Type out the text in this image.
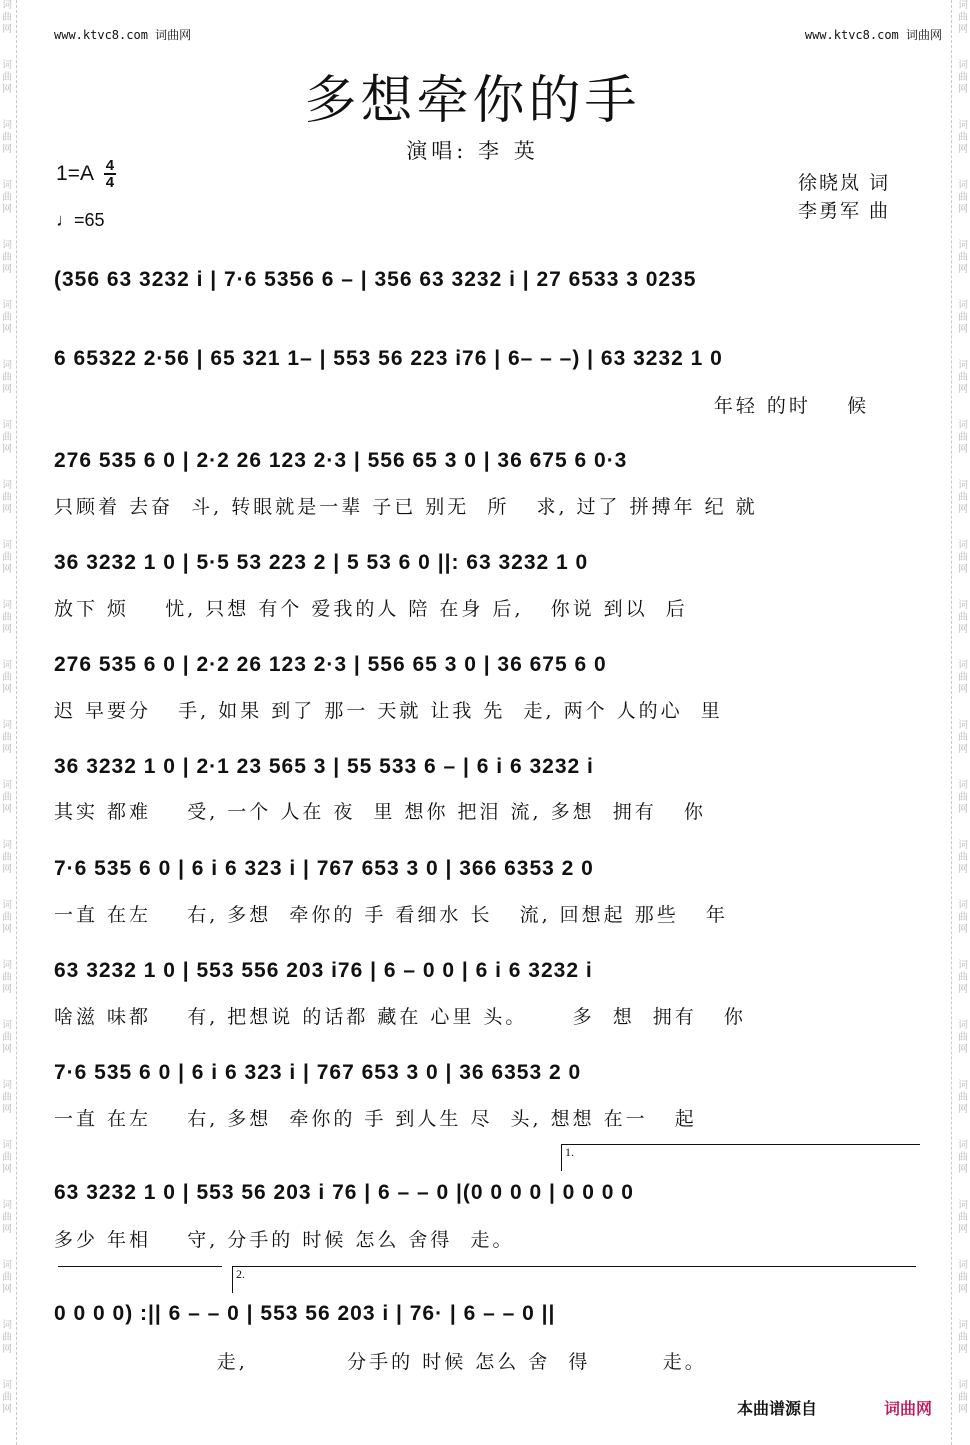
词
曲
网
词
曲
网
词
曲
网
词
曲
网
词
曲
网
词
曲
网
词
曲
网
词
曲
网
词
曲
网
词
曲
网
词
曲
网
词
曲
网
词
曲
网
词
曲
网
词
曲
网
词
曲
网
词
曲
网
词
曲
网
词
曲
网
词
曲
网
词
曲
网
词
曲
网
词
曲
网
词
曲
网
词
曲
网
词
曲
网
词
曲
网
词
曲
网
词
曲
网
词
曲
网
词
曲
网
词
曲
网
词
曲
网
词
曲
网
词
曲
网
词
曲
网
词
曲
网
词
曲
网
词
曲
网
词
曲
网
词
曲
网
词
曲
网
词
曲
网
词
曲
网
词
曲
网
词
曲
网
词
曲
网
词
曲
网
www.ktvc8.com 词曲网	www.ktvc8.com 词曲网
多想牵你的手
演唱: 李 英
$1=A \frac{4}{4}$
♩=65
徐晓岚 词
李勇军 曲
(356 63 3232 i | 7·6 5356 6 – | 356 63 3232 i | 27 6533 3 0235
6 65322 2·56 | 65 321 1– | 553 56 223 i76 | 6– – –) | 63 3232 1 0
年轻 的时    候
276 535 6 0 | 2·2 26 123 2·3 | 556 65 3 0 | 36 675 6 0·3
只顾着 去奋  斗, 转眼就是一辈 子已 别无  所   求, 过了 拼搏年 纪 就
36 3232 1 0 | 5·5 53 223 2 | 5 53 6 0 ||: 63 3232 1 0
放下 烦    忧, 只想 有个 爱我的人 陪 在身 后,   你说 到以  后
276 535 6 0 | 2·2 26 123 2·3 | 556 65 3 0 | 36 675 6 0
迟 早要分   手, 如果 到了 那一 天就 让我 先  走, 两个 人的心  里
36 3232 1 0 | 2·1 23 565 3 | 55 533 6 – | 6 i 6 3232 i
其实 都难    受, 一个 人在 夜  里 想你 把泪 流, 多想  拥有   你
7·6 535 6 0 | 6 i 6 323 i | 767 653 3 0 | 366 6353 2 0
一直 在左    右, 多想  牵你的 手 看细水 长   流, 回想起 那些   年
63 3232 1 0 | 553 556 203 i76 | 6 – 0 0 | 6 i 6 3232 i
啥滋 味都    有, 把想说 的话都 藏在 心里 头。     多  想  拥有   你
7·6 535 6 0 | 6 i 6 323 i | 767 653 3 0 | 36 6353 2 0
一直 在左    右, 多想  牵你的 手 到人生 尽  头, 想想 在一   起
1.
63 3232 1 0 | 553 56 203 i 76 | 6 – – 0 |(0 0 0 0 | 0 0 0 0
多少 年相    守, 分手的 时候 怎么 舍得  走。
2.
0 0 0 0) :|| 6 – – 0 | 553 56 203 i | 76· | 6 – – 0 ||
走,           分手的 时候 怎么 舍  得        走。
本曲谱源自	词曲网
